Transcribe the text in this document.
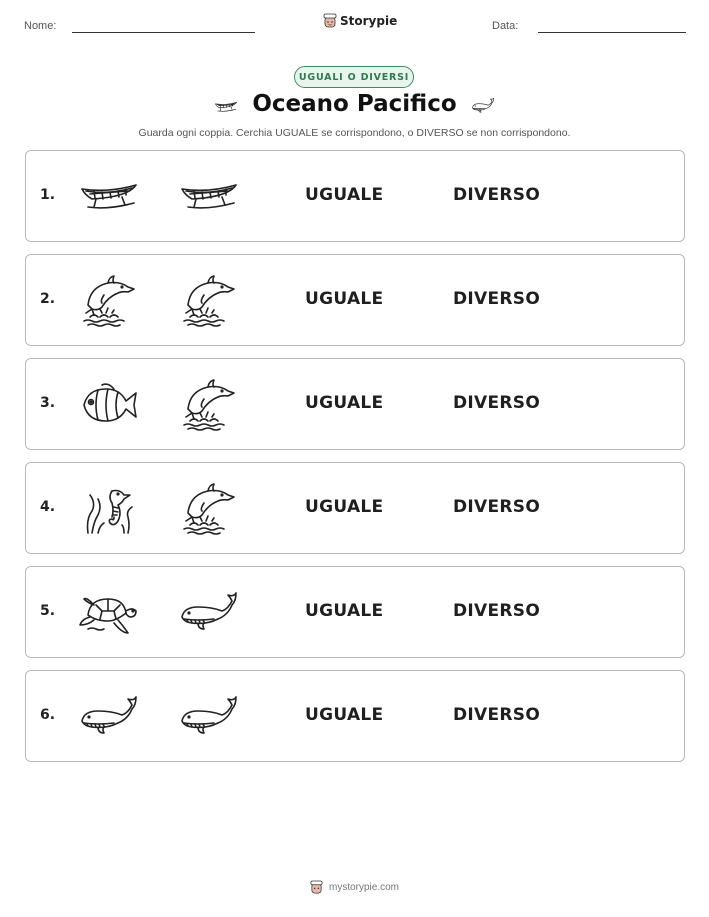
Nome:	Storypie	Data:
UGUALI O DIVERSI
Oceano Pacifico
Guarda ogni coppia. Cerchia UGUALE se corrispondono, o DIVERSO se non corrispondono.
1.	UGUALE	DIVERSO
2.	UGUALE	DIVERSO
3.	UGUALE	DIVERSO
4.	UGUALE	DIVERSO
5.	UGUALE	DIVERSO
6.	UGUALE	DIVERSO
mystorypie.com
